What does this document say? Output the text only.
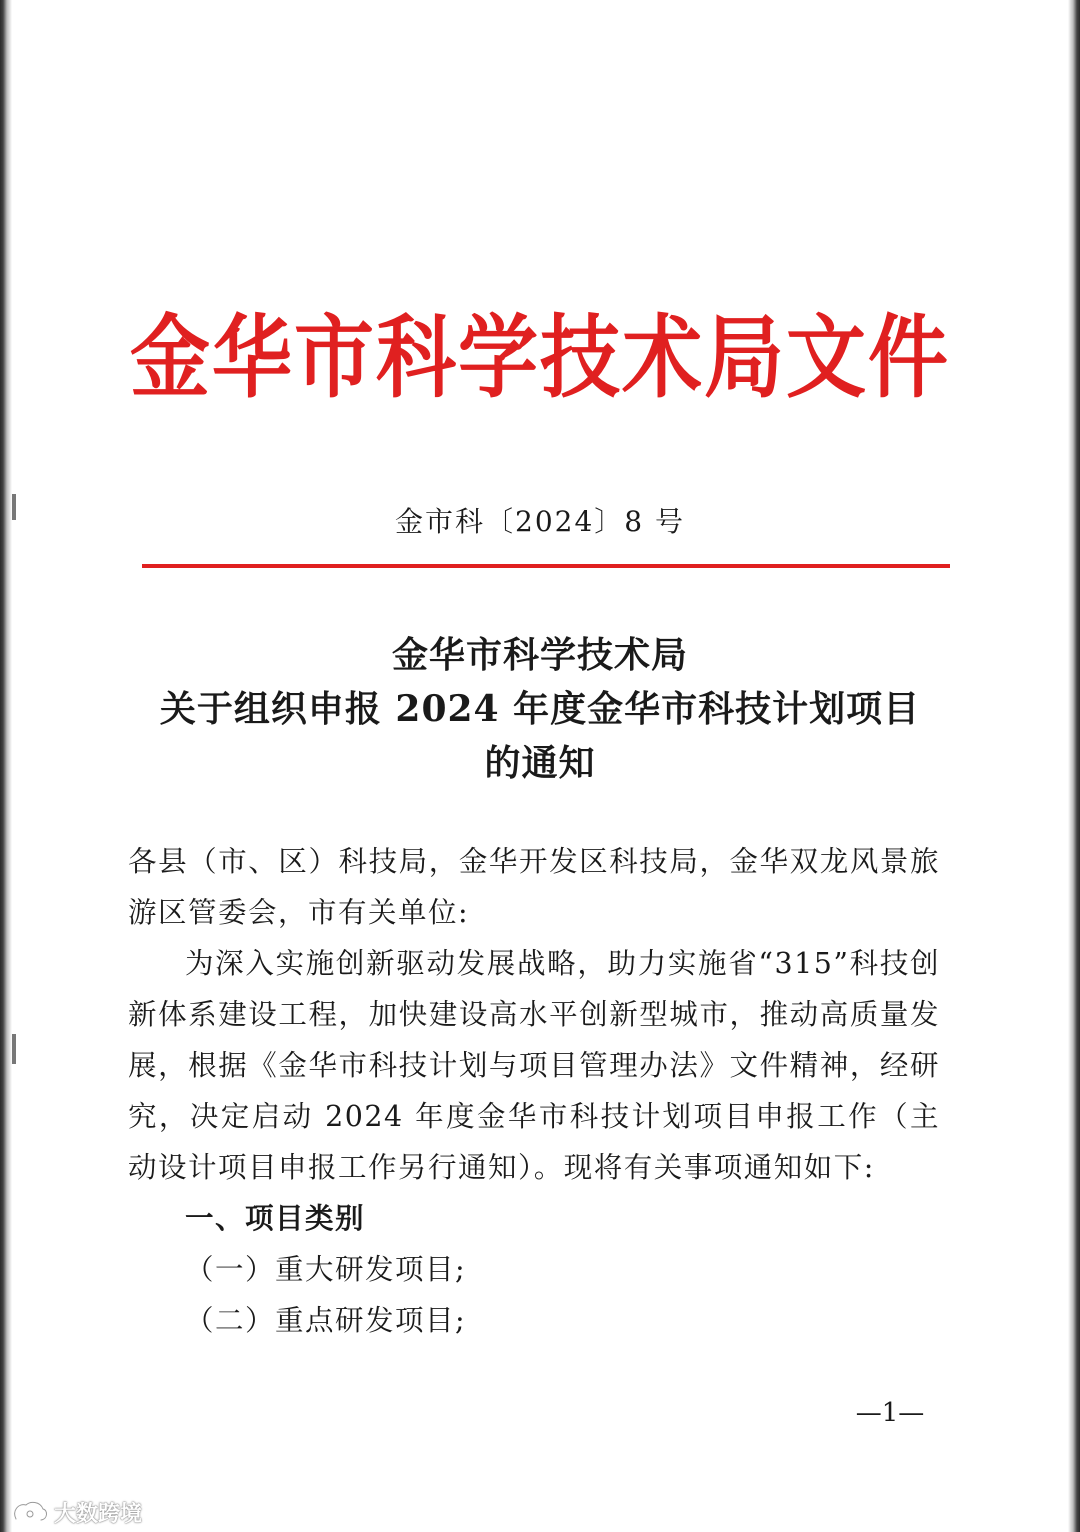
金华市科学技术局文件
金市科〔2024〕8 号
金华市科学技术局
关于组织申报 2024 年度金华市科技计划项目
的通知

各县（市、区）科技局，金华开发区科技局，金华双龙风景旅游区管委会，市有关单位:

为深入实施创新驱动发展战略，助力实施省“315”科技创新体系建设工程，加快建设高水平创新型城市，推动高质量发展，根据《金华市科技计划与项目管理办法》文件精神，经研究，决定启动 2024 年度金华市科技计划项目申报工作（主动设计项目申报工作另行通知）。现将有关事项通知如下:

一、项目类别

（一）重大研发项目;

（二）重点研发项目;

—1—
大数跨境
